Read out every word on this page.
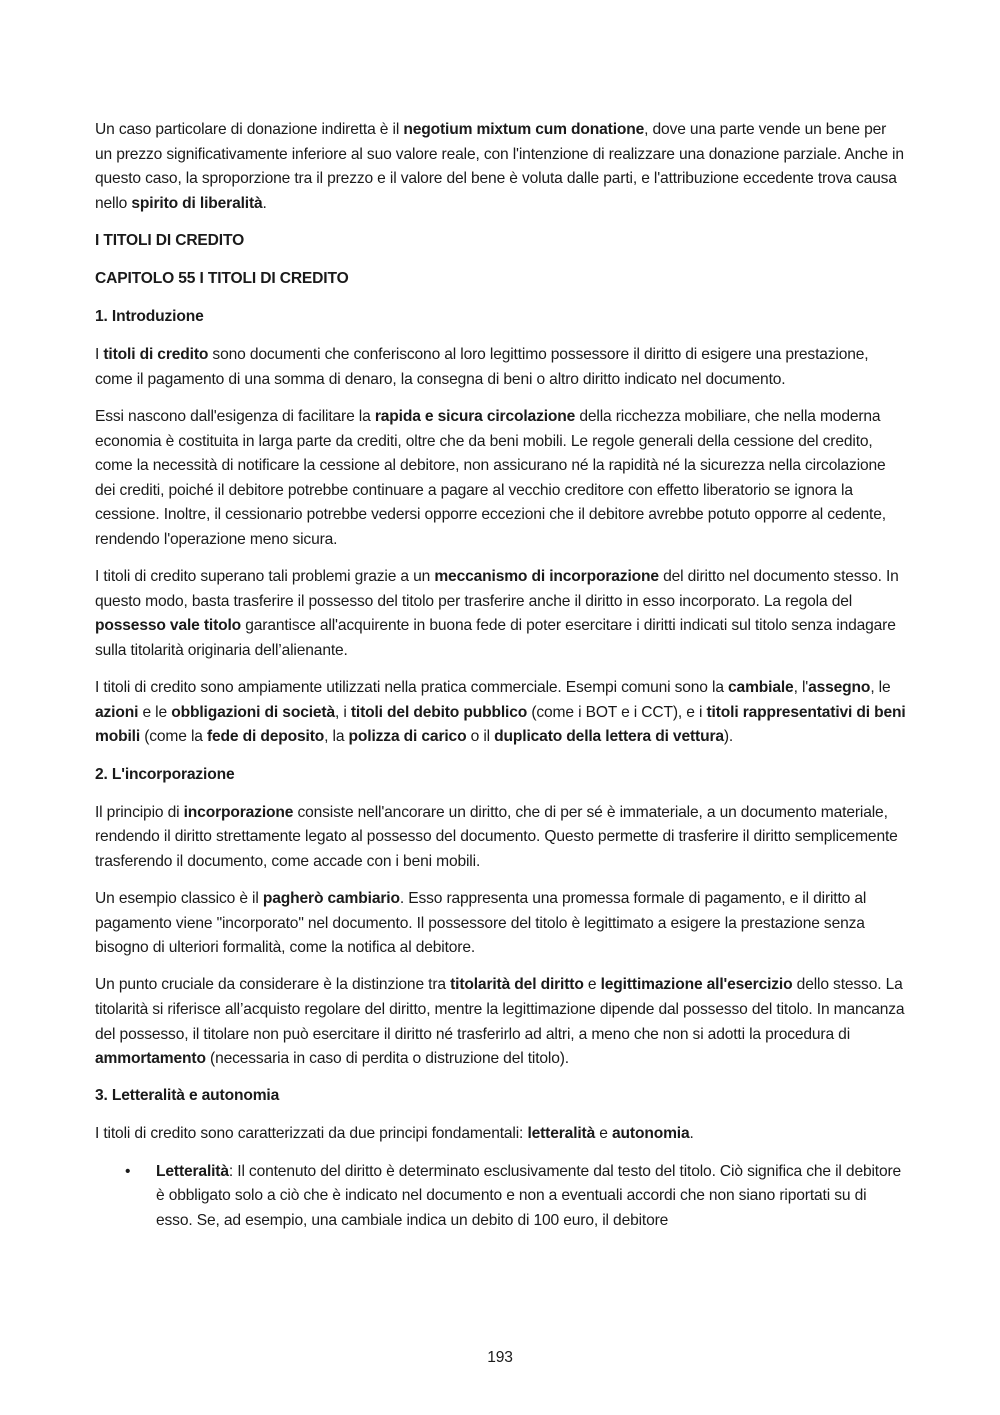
Un caso particolare di donazione indiretta è il negotium mixtum cum donatione, dove una parte vende un bene per un prezzo significativamente inferiore al suo valore reale, con l'intenzione di realizzare una donazione parziale. Anche in questo caso, la sproporzione tra il prezzo e il valore del bene è voluta dalle parti, e l'attribuzione eccedente trova causa nello spirito di liberalità.

I TITOLI DI CREDITO

CAPITOLO 55 I TITOLI DI CREDITO

1. Introduzione

I titoli di credito sono documenti che conferiscono al loro legittimo possessore il diritto di esigere una prestazione, come il pagamento di una somma di denaro, la consegna di beni o altro diritto indicato nel documento.

Essi nascono dall'esigenza di facilitare la rapida e sicura circolazione della ricchezza mobiliare, che nella moderna economia è costituita in larga parte da crediti, oltre che da beni mobili. Le regole generali della cessione del credito, come la necessità di notificare la cessione al debitore, non assicurano né la rapidità né la sicurezza nella circolazione dei crediti, poiché il debitore potrebbe continuare a pagare al vecchio creditore con effetto liberatorio se ignora la cessione. Inoltre, il cessionario potrebbe vedersi opporre eccezioni che il debitore avrebbe potuto opporre al cedente, rendendo l'operazione meno sicura.

I titoli di credito superano tali problemi grazie a un meccanismo di incorporazione del diritto nel documento stesso. In questo modo, basta trasferire il possesso del titolo per trasferire anche il diritto in esso incorporato. La regola del possesso vale titolo garantisce all'acquirente in buona fede di poter esercitare i diritti indicati sul titolo senza indagare sulla titolarità originaria dell’alienante.

I titoli di credito sono ampiamente utilizzati nella pratica commerciale. Esempi comuni sono la cambiale, l'assegno, le azioni e le obbligazioni di società, i titoli del debito pubblico (come i BOT e i CCT), e i titoli rappresentativi di beni mobili (come la fede di deposito, la polizza di carico o il duplicato della lettera di vettura).

2. L'incorporazione

Il principio di incorporazione consiste nell'ancorare un diritto, che di per sé è immateriale, a un documento materiale, rendendo il diritto strettamente legato al possesso del documento. Questo permette di trasferire il diritto semplicemente trasferendo il documento, come accade con i beni mobili.

Un esempio classico è il pagherò cambiario. Esso rappresenta una promessa formale di pagamento, e il diritto al pagamento viene "incorporato" nel documento. Il possessore del titolo è legittimato a esigere la prestazione senza bisogno di ulteriori formalità, come la notifica al debitore.

Un punto cruciale da considerare è la distinzione tra titolarità del diritto e legittimazione all'esercizio dello stesso. La titolarità si riferisce all’acquisto regolare del diritto, mentre la legittimazione dipende dal possesso del titolo. In mancanza del possesso, il titolare non può esercitare il diritto né trasferirlo ad altri, a meno che non si adotti la procedura di ammortamento (necessaria in caso di perdita o distruzione del titolo).

3. Letteralità e autonomia

I titoli di credito sono caratterizzati da due principi fondamentali: letteralità e autonomia.

• Letteralità: Il contenuto del diritto è determinato esclusivamente dal testo del titolo. Ciò significa che il debitore è obbligato solo a ciò che è indicato nel documento e non a eventuali accordi che non siano riportati su di esso. Se, ad esempio, una cambiale indica un debito di 100 euro, il debitore
193
